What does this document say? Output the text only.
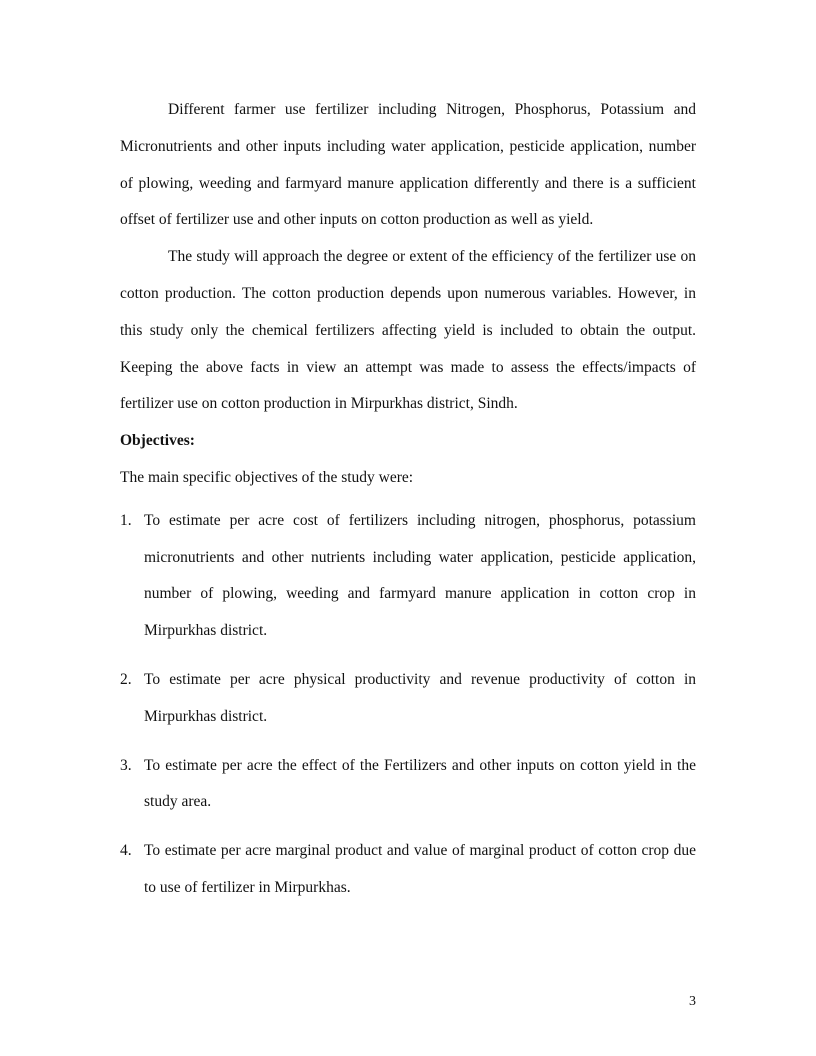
Different farmer use fertilizer including Nitrogen, Phosphorus, Potassium and Micronutrients and other inputs including water application, pesticide application, number of plowing, weeding and farmyard manure application differently and there is a sufficient offset of fertilizer use and other inputs on cotton production as well as yield.

The study will approach the degree or extent of the efficiency of the fertilizer use on cotton production. The cotton production depends upon numerous variables. However, in this study only the chemical fertilizers affecting yield is included to obtain the output. Keeping the above facts in view an attempt was made to assess the effects/impacts of fertilizer use on cotton production in Mirpurkhas district, Sindh.

Objectives:

The main specific objectives of the study were:

1. To estimate per acre cost of fertilizers including nitrogen, phosphorus, potassium micronutrients and other nutrients including water application, pesticide application, number of plowing, weeding and farmyard manure application in cotton crop in Mirpurkhas district.
2. To estimate per acre physical productivity and revenue productivity of cotton in Mirpurkhas district.
3. To estimate per acre the effect of the Fertilizers and other inputs on cotton yield in the study area.
4. To estimate per acre marginal product and value of marginal product of cotton crop due to use of fertilizer in Mirpurkhas.
3
